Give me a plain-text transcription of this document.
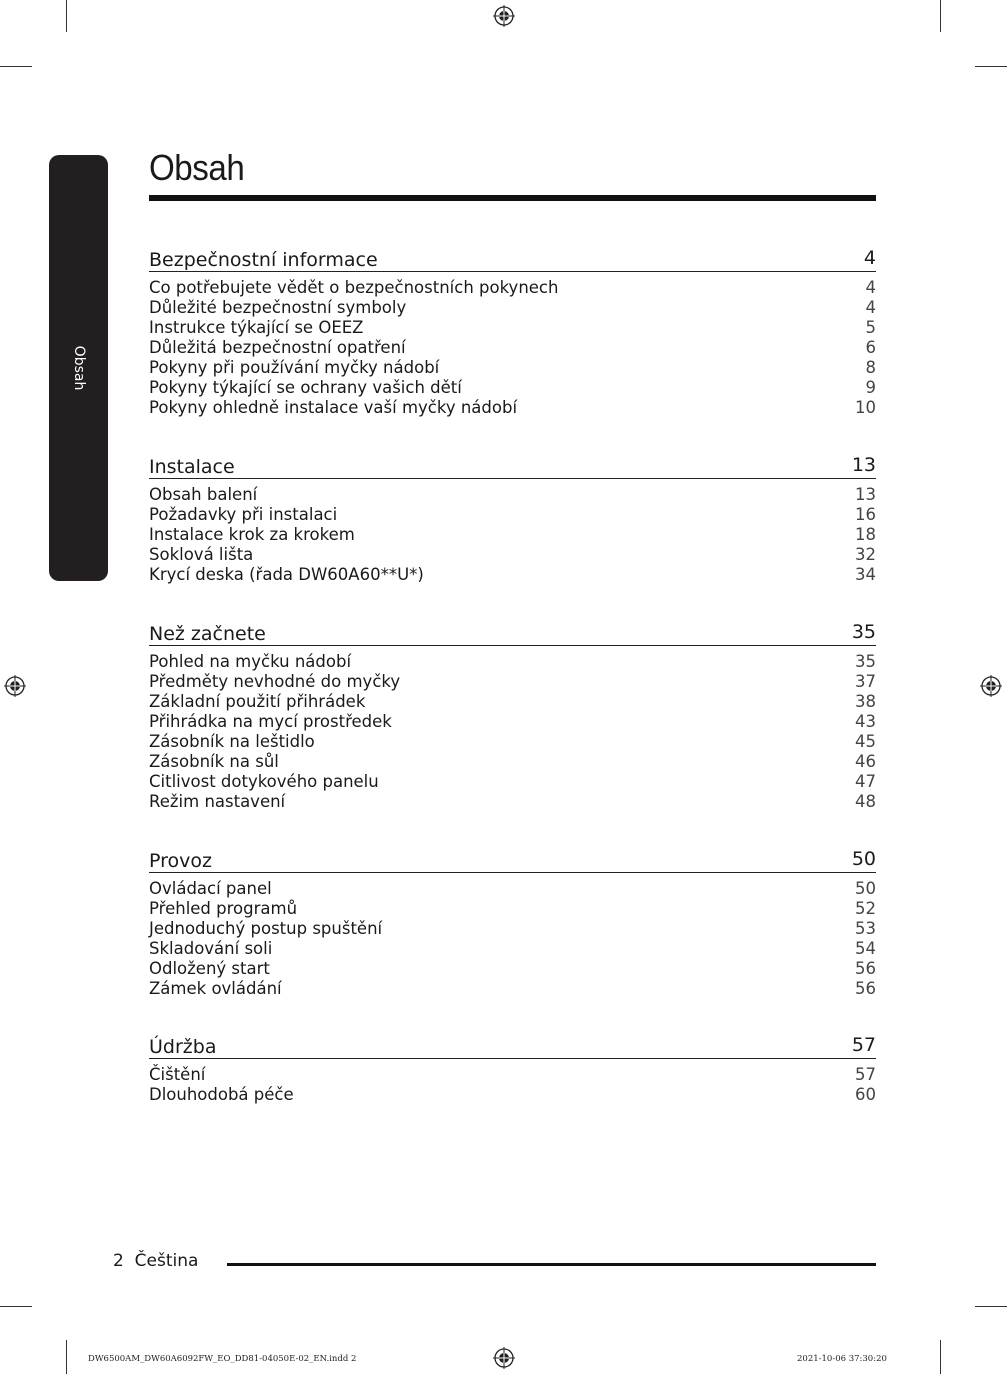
Obsah
Obsah
Bezpečnostní informace	4
Co potřebujete vědět o bezpečnostních pokynech	4
Důležité bezpečnostní symboly	4
Instrukce týkající se OEEZ	5
Důležitá bezpečnostní opatření	6
Pokyny při používání myčky nádobí	8
Pokyny týkající se ochrany vašich dětí	9
Pokyny ohledně instalace vaší myčky nádobí	10
Instalace	13
Obsah balení	13
Požadavky při instalaci	16
Instalace krok za krokem	18
Soklová lišta	32
Krycí deska (řada DW60A60**U*)	34
Než začnete	35
Pohled na myčku nádobí	35
Předměty nevhodné do myčky	37
Základní použití přihrádek	38
Přihrádka na mycí prostředek	43
Zásobník na leštidlo	45
Zásobník na sůl	46
Citlivost dotykového panelu	47
Režim nastavení	48
Provoz	50
Ovládací panel	50
Přehled programů	52
Jednoduchý postup spuštění	53
Skladování soli	54
Odložený start	56
Zámek ovládání	56
Údržba	57
Čištění	57
Dlouhodobá péče	60
2 Čeština
DW6500AM_DW60A6092FW_EO_DD81-04050E-02_EN.indd 2	2021-10-06 37:30:20
